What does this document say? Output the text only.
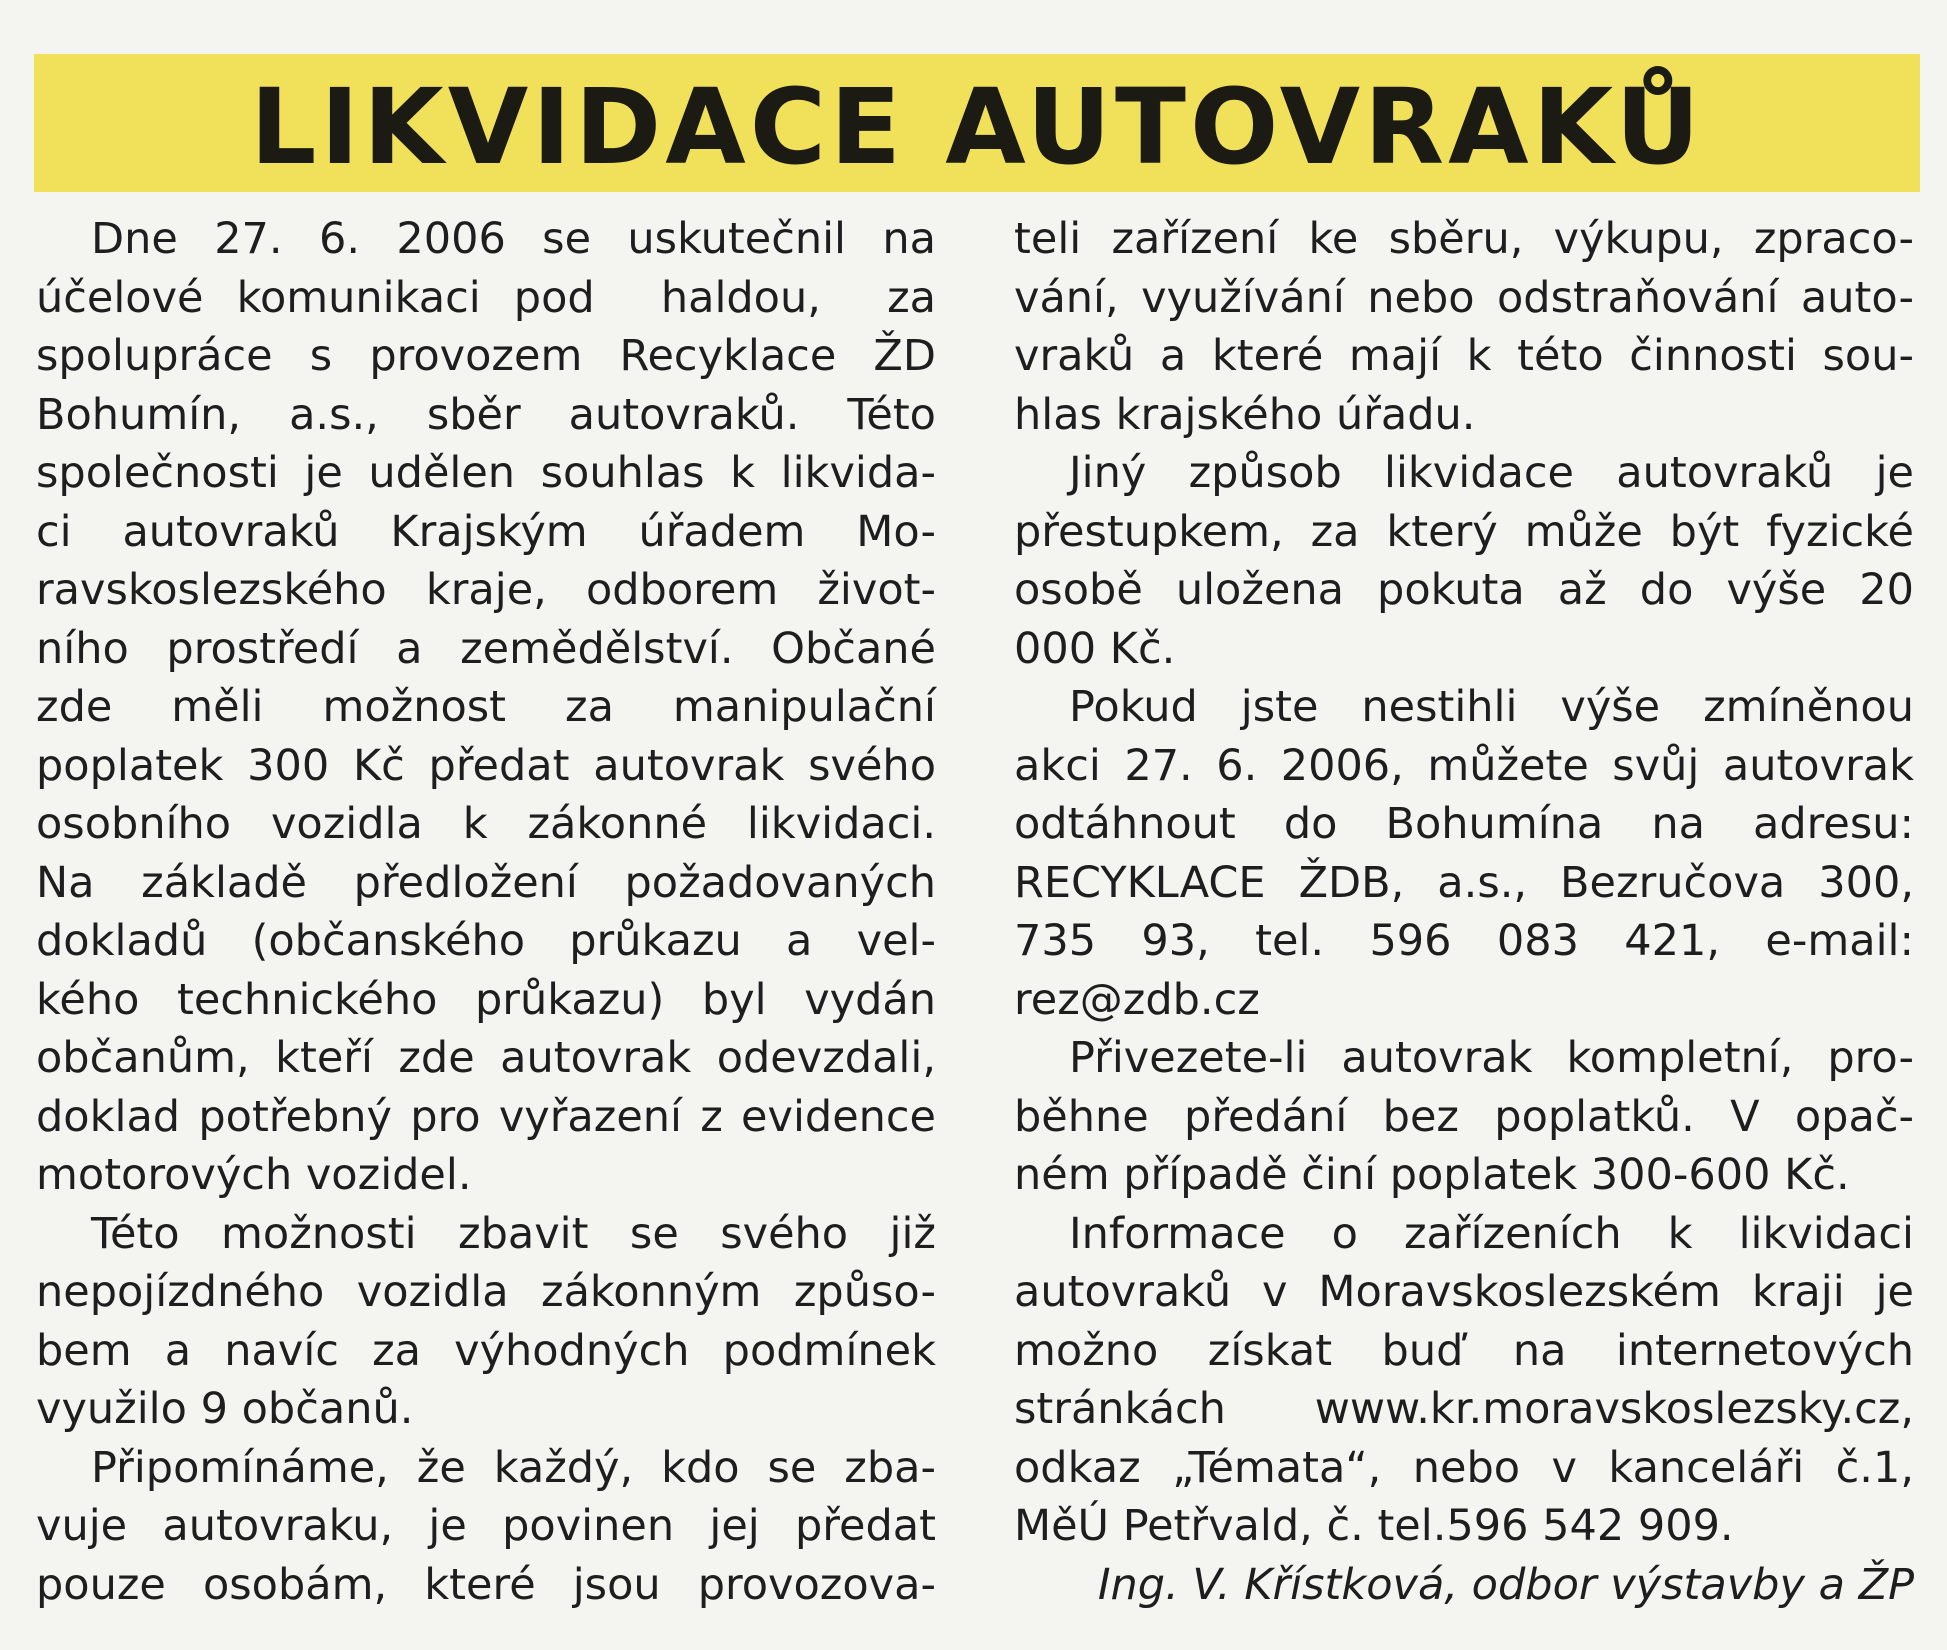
LIKVIDACE AUTOVRAKŮ
Dne 27. 6. 2006 se uskutečnil na
účelové komunikaci pod  haldou,  za
spolupráce s provozem Recyklace ŽD
Bohumín, a.s., sběr autovraků. Této
společnosti je udělen souhlas k likvida-
ci autovraků Krajským úřadem Mo-
ravskoslezského kraje, odborem život-
ního prostředí a zemědělství. Občané
zde měli možnost za manipulační
poplatek 300 Kč předat autovrak svého
osobního vozidla k zákonné likvidaci.
Na základě předložení požadovaných
dokladů (občanského průkazu a vel-
kého technického průkazu) byl vydán
občanům, kteří zde autovrak odevzdali,
doklad potřebný pro vyřazení z evidence
motorových vozidel.
Této možnosti zbavit se svého již
nepojízdného vozidla zákonným způso-
bem a navíc za výhodných podmínek
využilo 9 občanů.
Připomínáme, že každý, kdo se zba-
vuje autovraku, je povinen jej předat
pouze osobám, které jsou provozova-
teli zařízení ke sběru, výkupu, zpraco-
vání, využívání nebo odstraňování auto-
vraků a které mají k této činnosti sou-
hlas krajského úřadu.
Jiný způsob likvidace autovraků je
přestupkem, za který může být fyzické
osobě uložena pokuta až do výše 20
000 Kč.
Pokud jste nestihli výše zmíněnou
akci 27. 6. 2006, můžete svůj autovrak
odtáhnout do Bohumína na adresu:
RECYKLACE ŽDB, a.s., Bezručova 300,
735 93, tel. 596 083 421, e-mail:
rez@zdb.cz
Přivezete-li autovrak kompletní, pro-
běhne předání bez poplatků. V opač-
ném případě činí poplatek 300-600 Kč.
Informace o zařízeních k likvidaci
autovraků v Moravskoslezském kraji je
možno získat buď na internetových
stránkách www.kr.moravskoslezsky.cz,
odkaz „Témata“, nebo v kanceláři č.1,
MěÚ Petřvald, č. tel.596 542 909.
Ing. V. Křístková, odbor výstavby a ŽP
